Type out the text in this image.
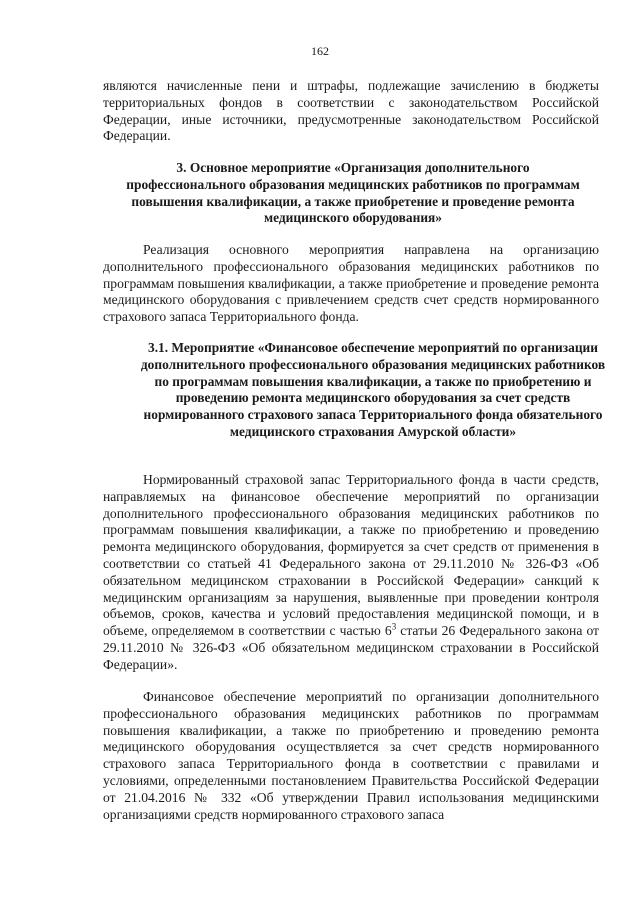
162

являются начисленные пени и штрафы, подлежащие зачислению в бюджеты территориальных фондов в соответствии с законодательством Российской Федерации, иные источники, предусмотренные законодательством Российской Федерации.

3. Основное мероприятие «Организация дополнительного профессионального образования медицинских работников по программам повышения квалификации, а также приобретение и проведение ремонта медицинского оборудования»

Реализация основного мероприятия направлена на организацию дополнительного профессионального образования медицинских работников по программам повышения квалификации, а также приобретение и проведение ремонта медицинского оборудования с привлечением средств счет средств нормированного страхового запаса Территориального фонда.

3.1. Мероприятие «Финансовое обеспечение мероприятий по организации дополнительного профессионального образования медицинских работников по программам повышения квалификации, а также по приобретению и проведению ремонта медицинского оборудования за счет средств нормированного страхового запаса Территориального фонда обязательного медицинского страхования Амурской области»

Нормированный страховой запас Территориального фонда в части средств, направляемых на финансовое обеспечение мероприятий по организации дополнительного профессионального образования медицинских работников по программам повышения квалификации, а также по приобретению и проведению ремонта медицинского оборудования, формируется за счет средств от применения в соответствии со статьей 41 Федерального закона от 29.11.2010 № 326-ФЗ «Об обязательном медицинском страховании в Российской Федерации» санкций к медицинским организациям за нарушения, выявленные при проведении контроля объемов, сроков, качества и условий предоставления медицинской помощи, и в объеме, определяемом в соответствии с частью $6^3$ статьи 26 Федерального закона от 29.11.2010 № 326-ФЗ «Об обязательном медицинском страховании в Российской Федерации».

Финансовое обеспечение мероприятий по организации дополнительного профессионального образования медицинских работников по программам повышения квалификации, а также по приобретению и проведению ремонта медицинского оборудования осуществляется за счет средств нормированного страхового запаса Территориального фонда в соответствии с правилами и условиями, определенными постановлением Правительства Российской Федерации от 21.04.2016 № 332 «Об утверждении Правил использования медицинскими организациями средств нормированного страхового запаса
